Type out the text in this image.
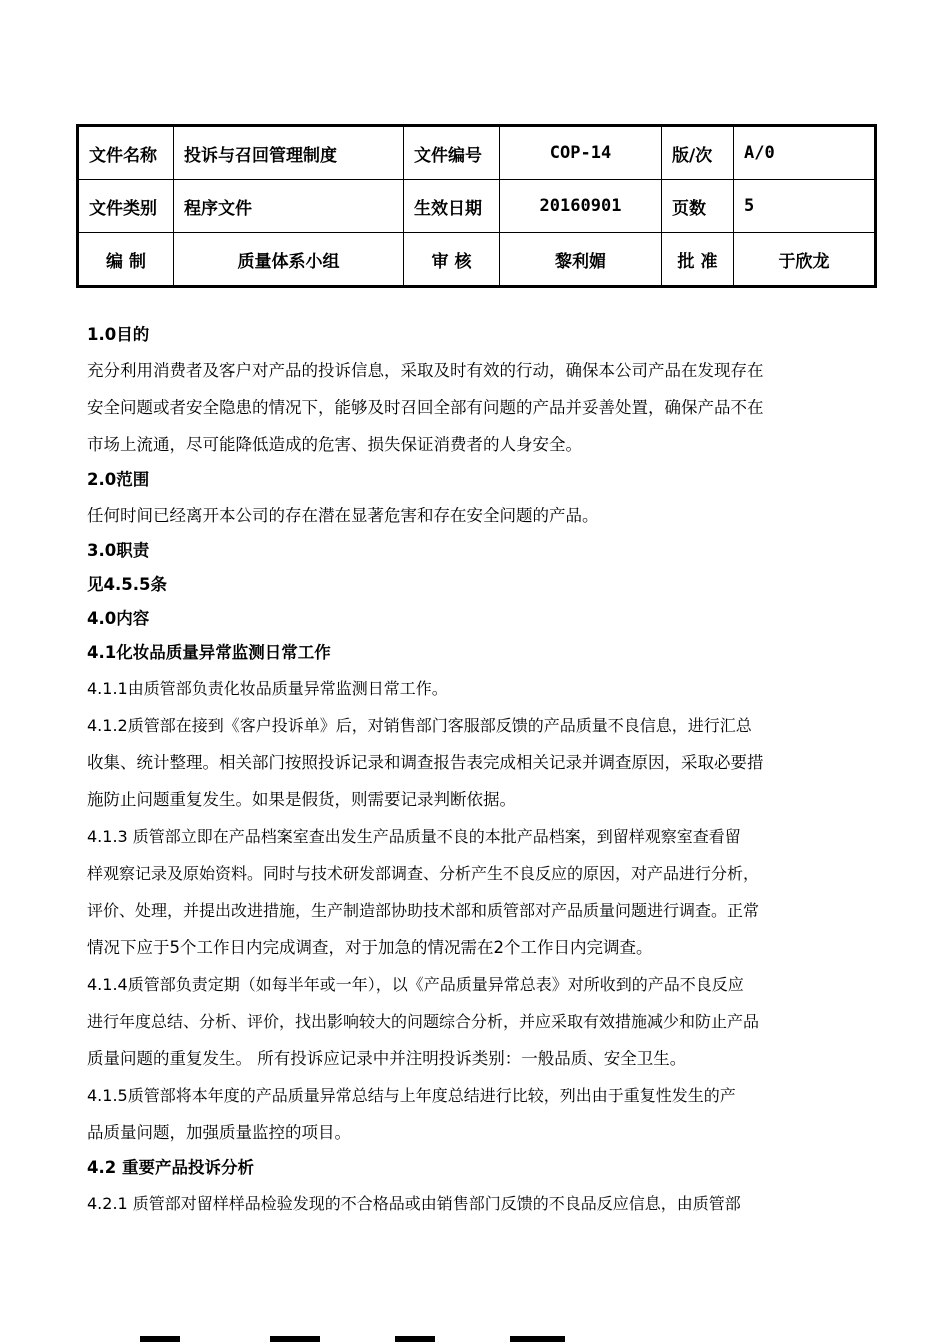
文件名称	投诉与召回管理制度	文件编号	COP-14	版/次	A/0
文件类别	程序文件	生效日期	20160901	页数	5
编 制	质量体系小组	审 核	黎利媚	批 准	于欣龙
1.0目的
充分利用消费者及客户对产品的投诉信息，采取及时有效的行动，确保本公司产品在发现存在
安全问题或者安全隐患的情况下，能够及时召回全部有问题的产品并妥善处置，确保产品不在
市场上流通，尽可能降低造成的危害、损失保证消费者的人身安全。
2.0范围
任何时间已经离开本公司的存在潜在显著危害和存在安全问题的产品。
3.0职责
见4.5.5条
4.0内容
4.1化妆品质量异常监测日常工作
4.1.1由质管部负责化妆品质量异常监测日常工作。
4.1.2质管部在接到《客户投诉单》后，对销售部门客服部反馈的产品质量不良信息，进行汇总
收集、统计整理。相关部门按照投诉记录和调查报告表完成相关记录并调查原因，采取必要措
施防止问题重复发生。如果是假货，则需要记录判断依据。
4.1.3 质管部立即在产品档案室查出发生产品质量不良的本批产品档案，到留样观察室查看留
样观察记录及原始资料。同时与技术研发部调查、分析产生不良反应的原因，对产品进行分析，
评价、处理，并提出改进措施，生产制造部协助技术部和质管部对产品质量问题进行调查。正常
情况下应于5个工作日内完成调查，对于加急的情况需在2个工作日内完调查。
4.1.4质管部负责定期（如每半年或一年），以《产品质量异常总表》对所收到的产品不良反应
进行年度总结、分析、评价，找出影响较大的问题综合分析，并应采取有效措施减少和防止产品
质量问题的重复发生。 所有投诉应记录中并注明投诉类别：一般品质、安全卫生。
4.1.5质管部将本年度的产品质量异常总结与上年度总结进行比较，列出由于重复性发生的产
品质量问题，加强质量监控的项目。
4.2 重要产品投诉分析
4.2.1 质管部对留样样品检验发现的不合格品或由销售部门反馈的不良品反应信息，由质管部
